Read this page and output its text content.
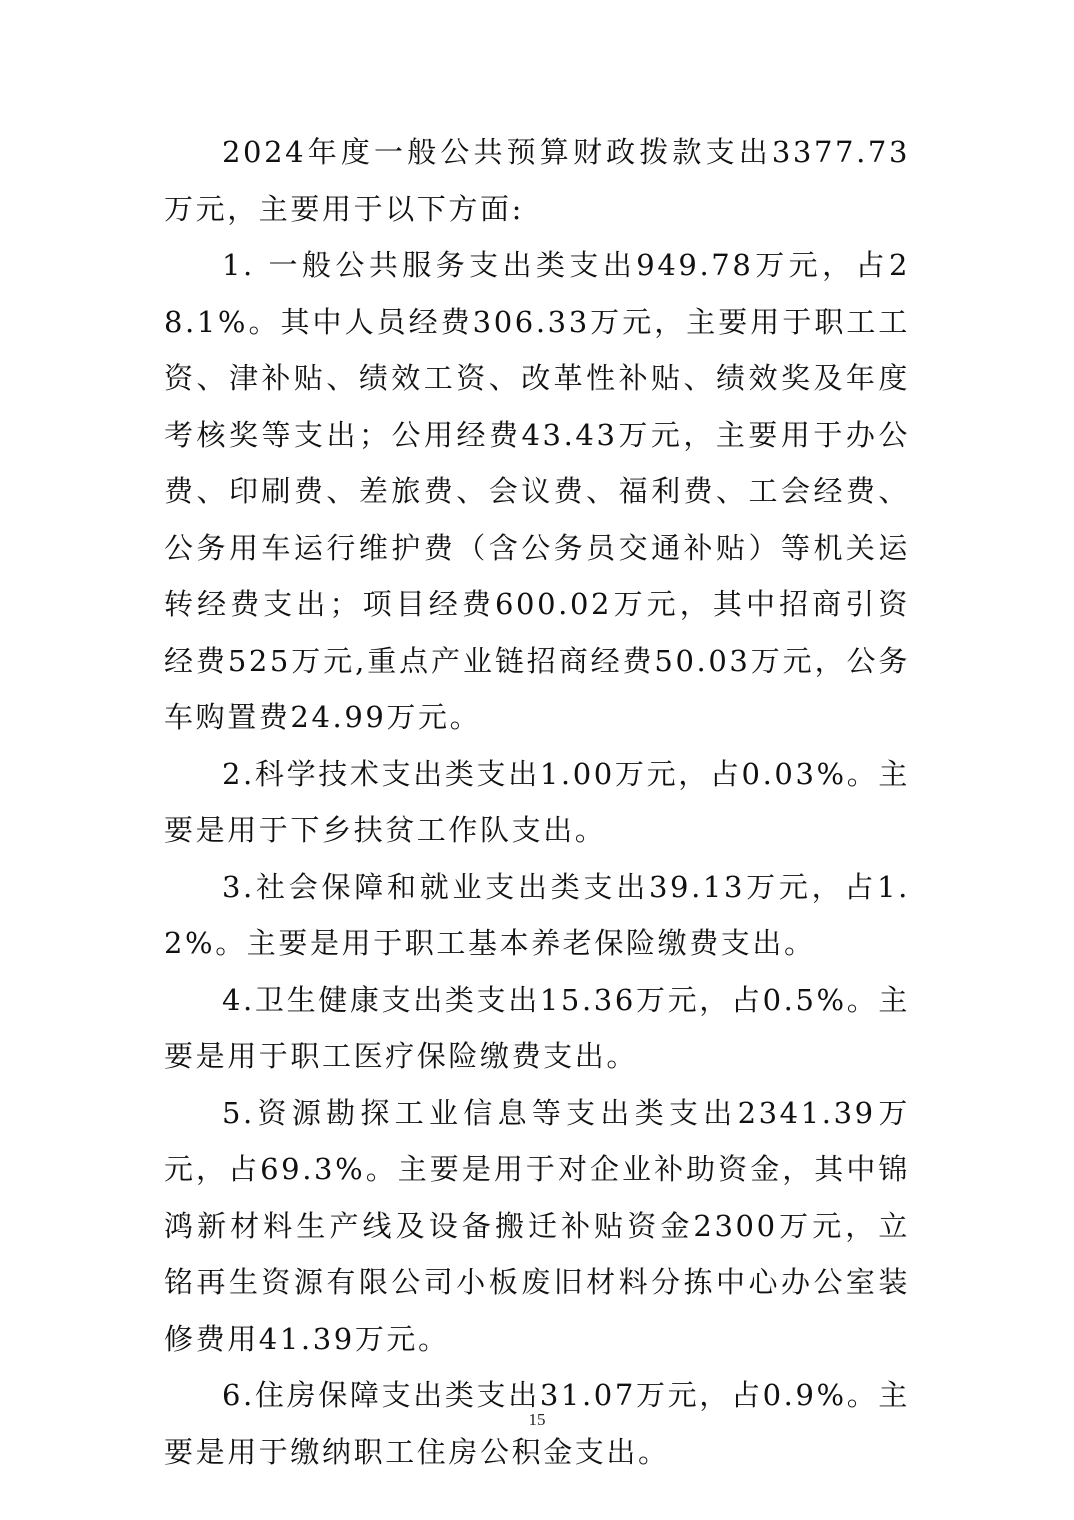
2024年度一般公共预算财政拨款支出3377.73万元，主要用于以下方面:

1. 一般公共服务支出类支出949.78万元，占28.1%。其中人员经费306.33万元，主要用于职工工资、津补贴、绩效工资、改革性补贴、绩效奖及年度考核奖等支出；公用经费43.43万元，主要用于办公费、印刷费、差旅费、会议费、福利费、工会经费、公务用车运行维护费（含公务员交通补贴）等机关运转经费支出；项目经费600.02万元，其中招商引资经费525万元,重点产业链招商经费50.03万元，公务车购置费24.99万元。

2.科学技术支出类支出1.00万元，占0.03%。主要是用于下乡扶贫工作队支出。

3.社会保障和就业支出类支出39.13万元，占1.2%。主要是用于职工基本养老保险缴费支出。

4.卫生健康支出类支出15.36万元，占0.5%。主要是用于职工医疗保险缴费支出。

5.资源勘探工业信息等支出类支出2341.39万元，占69.3%。主要是用于对企业补助资金，其中锦鸿新材料生产线及设备搬迁补贴资金2300万元，立铭再生资源有限公司小板废旧材料分拣中心办公室装修费用41.39万元。

6.住房保障支出类支出31.07万元，占0.9%。主要是用于缴纳职工住房公积金支出。

15
